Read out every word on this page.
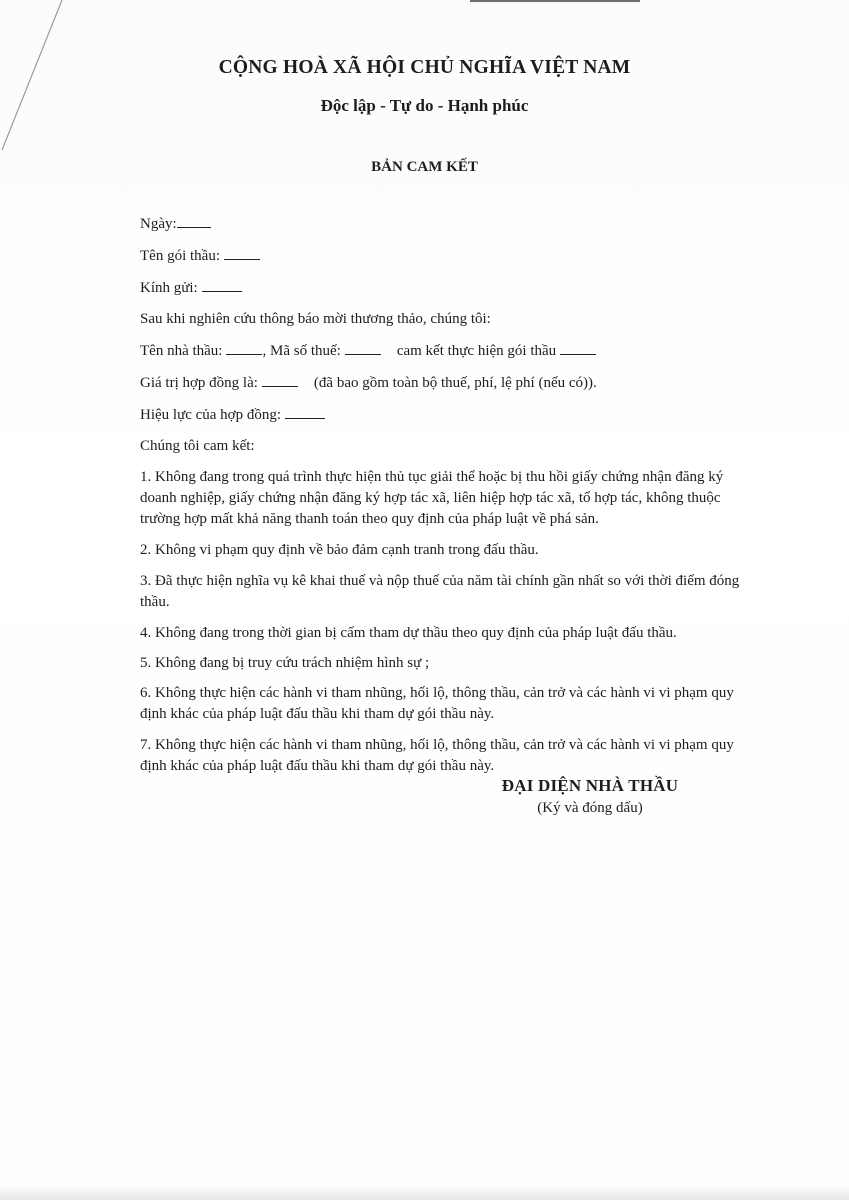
CỘNG HOÀ XÃ HỘI CHỦ NGHĨA VIỆT NAM
Độc lập - Tự do - Hạnh phúc
BẢN CAM KẾT

Ngày:

Tên gói thầu:

Kính gửi:

Sau khi nghiên cứu thông báo mời thương thảo, chúng tôi:

Tên nhà thầu:	, Mã số thuế:	cam kết thực hiện gói thầu

Giá trị hợp đồng là:	(đã bao gồm toàn bộ thuế, phí, lệ phí (nếu có)).

Hiệu lực của hợp đồng:

Chúng tôi cam kết:

1. Không đang trong quá trình thực hiện thủ tục giải thể hoặc bị thu hồi giấy chứng nhận đăng ký doanh nghiệp, giấy chứng nhận đăng ký hợp tác xã, liên hiệp hợp tác xã, tổ hợp tác, không thuộc trường hợp mất khả năng thanh toán theo quy định của pháp luật về phá sản.

2. Không vi phạm quy định về bảo đảm cạnh tranh trong đấu thầu.

3. Đã thực hiện nghĩa vụ kê khai thuế và nộp thuế của năm tài chính gần nhất so với thời điểm đóng thầu.

4. Không đang trong thời gian bị cấm tham dự thầu theo quy định của pháp luật đấu thầu.

5. Không đang bị truy cứu trách nhiệm hình sự ;

6. Không thực hiện các hành vi tham nhũng, hối lộ, thông thầu, cản trở và các hành vi vi phạm quy định khác của pháp luật đấu thầu khi tham dự gói thầu này.

7. Không thực hiện các hành vi tham nhũng, hối lộ, thông thầu, cản trở và các hành vi vi phạm quy định khác của pháp luật đấu thầu khi tham dự gói thầu này.

ĐẠI DIỆN NHÀ THẦU

(Ký và đóng dấu)
